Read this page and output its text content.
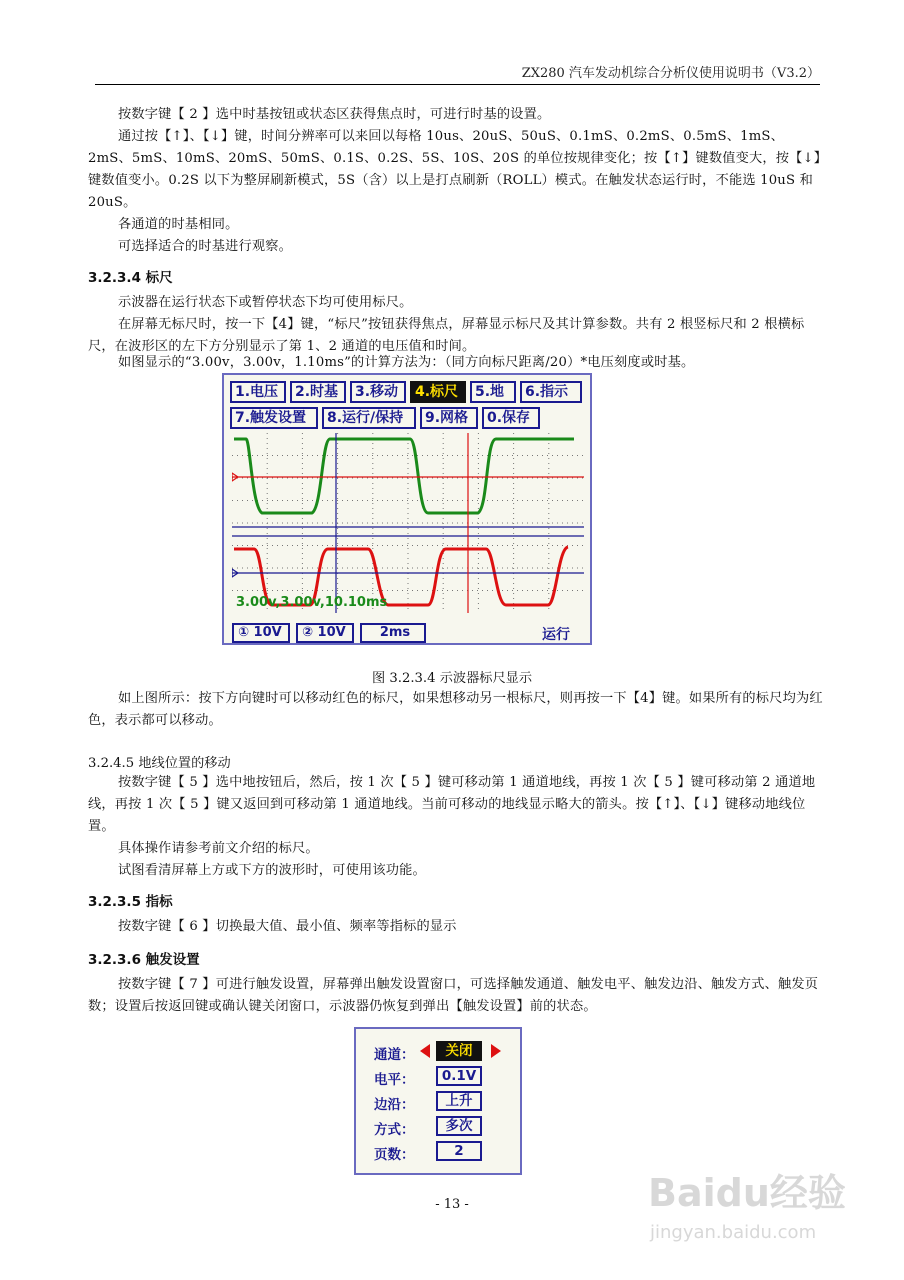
ZX280 汽车发动机综合分析仪使用说明书（V3.2）

按数字键【 2 】选中时基按钮或状态区获得焦点时，可进行时基的设置。

通过按【↑】、【↓】键，时间分辨率可以来回以每格 10us、20uS、50uS、0.1mS、0.2mS、0.5mS、1mS、2mS、5mS、10mS、20mS、50mS、0.1S、0.2S、5S、10S、20S 的单位按规律变化；按【↑】键数值变大，按【↓】键数值变小。0.2S 以下为整屏刷新模式，5S（含）以上是打点刷新（ROLL）模式。在触发状态运行时，不能选 10uS 和 20uS。

各通道的时基相同。

可选择适合的时基进行观察。

3.2.3.4 标尺

示波器在运行状态下或暂停状态下均可使用标尺。

在屏幕无标尺时，按一下【4】键，“标尺”按钮获得焦点，屏幕显示标尺及其计算参数。共有 2 根竖标尺和 2 根横标尺，在波形区的左下方分别显示了第 1、2 通道的电压值和时间。

如图显示的“3.00v，3.00v，1.10ms”的计算方法为：（同方向标尺距离/20）*电压刻度或时基。

1.电压	2.时基	3.移动	4.标尺	5.地	6.指示
7.触发设置	8.运行/保持	9.网格	0.保存
3.00v,3.00v,10.10ms
① 10V	② 10V	2ms	运行
图 3.2.3.4 示波器标尺显示

如上图所示：按下方向键时可以移动红色的标尺，如果想移动另一根标尺，则再按一下【4】键。如果所有的标尺均为红色，表示都可以移动。

3.2.4.5 地线位置的移动

按数字键【 5 】选中地按钮后，然后，按 1 次【 5 】键可移动第 1 通道地线，再按 1 次【 5 】键可移动第 2 通道地线，再按 1 次【 5 】键又返回到可移动第 1 通道地线。当前可移动的地线显示略大的箭头。按【↑】、【↓】键移动地线位置。

具体操作请参考前文介绍的标尺。

试图看清屏幕上方或下方的波形时，可使用该功能。

3.2.3.5 指标

按数字键【 6 】切换最大值、最小值、频率等指标的显示

3.2.3.6 触发设置

按数字键【 7 】可进行触发设置，屏幕弹出触发设置窗口，可选择触发通道、触发电平、触发边沿、触发方式、触发页数；设置后按返回键或确认键关闭窗口，示波器仍恢复到弹出【触发设置】前的状态。

通道：	关闭
电平：	0.1V
边沿：	上升
方式：	多次
页数：	2
- 13 -	Baidu经验
jingyan.baidu.com
